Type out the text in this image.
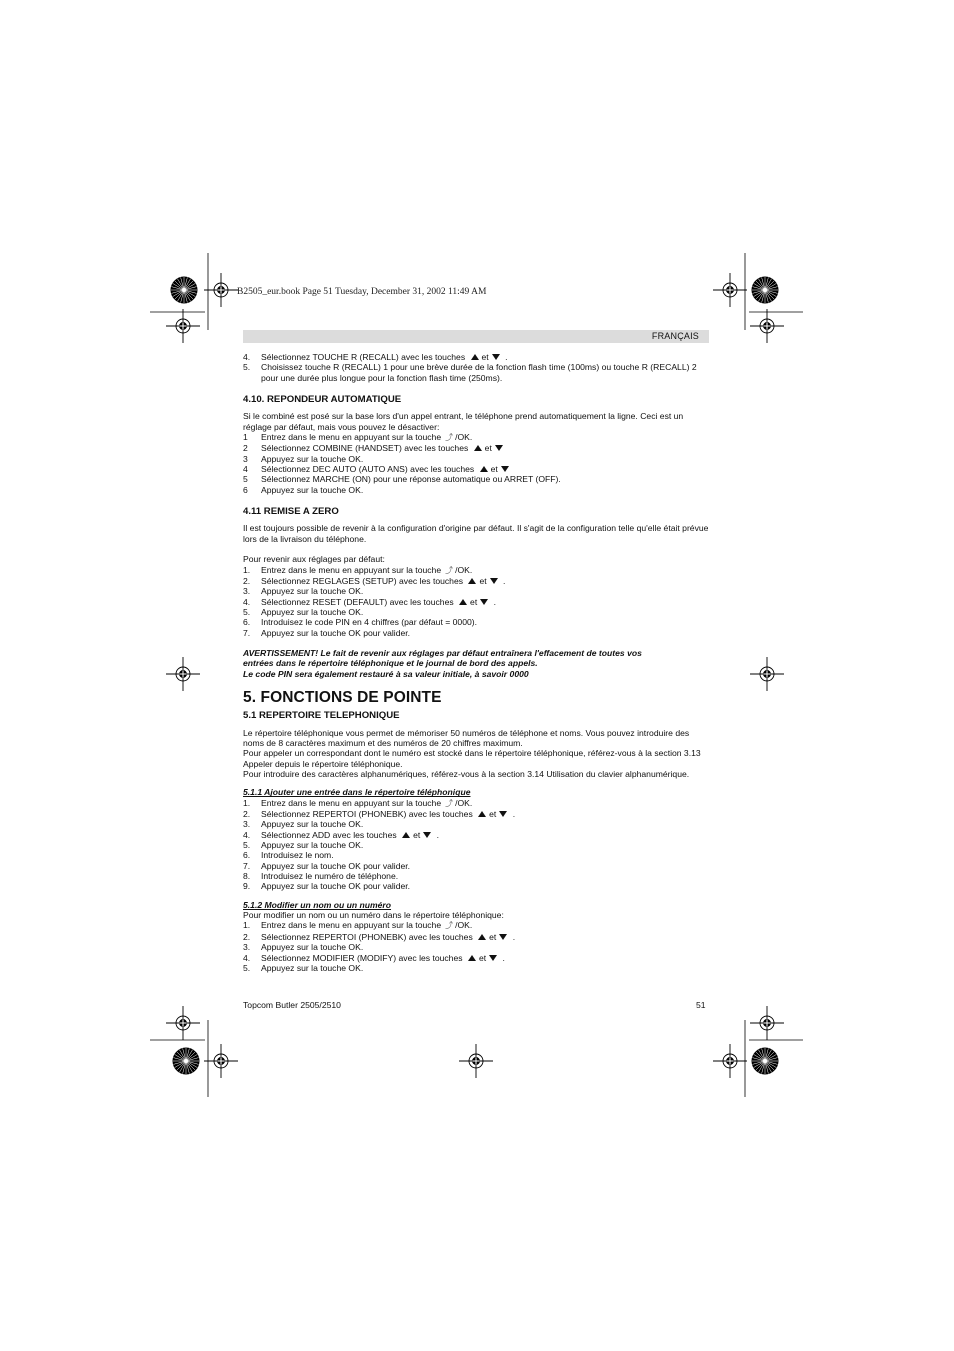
B2505_eur.book Page 51 Tuesday, December 31, 2002 11:49 AM
FRANÇAIS
4.	Sélectionnez TOUCHE R (RECALL) avec les touches et .
5.	Choisissez touche R (RECALL) 1 pour une brève durée de la fonction flash time (100ms) ou touche R (RECALL) 2 pour une durée plus longue pour la fonction flash time (250ms).

4.10. REPONDEUR AUTOMATIQUE

Si le combiné est posé sur la base lors d'un appel entrant, le téléphone prend automatiquement la ligne. Ceci est un réglage par défaut, mais vous pouvez le désactiver:

1	Entrez dans le menu en appuyant sur la touche ⤴ /OK.
2	Sélectionnez COMBINE (HANDSET) avec les touches et
3	Appuyez sur la touche OK.
4	Sélectionnez DEC AUTO (AUTO ANS) avec les touches et
5	Sélectionnez MARCHE (ON) pour une réponse automatique ou ARRET (OFF).
6	Appuyez sur la touche OK.

4.11 REMISE A ZERO

Il est toujours possible de revenir à la configuration d'origine par défaut. Il s'agit de la configuration telle qu'elle était prévue lors de la livraison du téléphone.

Pour revenir aux réglages par défaut:

1.	Entrez dans le menu en appuyant sur la touche ⤴ /OK.
2.	Sélectionnez REGLAGES (SETUP) avec les touches et .
3.	Appuyez sur la touche OK.
4.	Sélectionnez RESET (DEFAULT) avec les touches et .
5.	Appuyez sur la touche OK.
6.	Introduisez le code PIN en 4 chiffres (par défaut = 0000).
7.	Appuyez sur la touche OK pour valider.

AVERTISSEMENT! Le fait de revenir aux réglages par défaut entraînera l'effacement de toutes vos

entrées dans le répertoire téléphonique et le journal de bord des appels.

Le code PIN sera également restauré à sa valeur initiale, à savoir 0000

5. FONCTIONS DE POINTE

5.1 REPERTOIRE TELEPHONIQUE

Le répertoire téléphonique vous permet de mémoriser 50 numéros de téléphone et noms. Vous pouvez introduire des noms de 8 caractères maximum et des numéros de 20 chiffres maximum.

Pour appeler un correspondant dont le numéro est stocké dans le répertoire téléphonique, référez-vous à la section 3.13 Appeler depuis le répertoire téléphonique.

Pour introduire des caractères alphanumériques, référez-vous à la section 3.14 Utilisation du clavier alphanumérique.

5.1.1 Ajouter une entrée dans le répertoire téléphonique

1.	Entrez dans le menu en appuyant sur la touche ⤴ /OK.
2.	Sélectionnez REPERTOI (PHONEBK) avec les touches et .
3.	Appuyez sur la touche OK.
4.	Sélectionnez ADD avec les touches et .
5.	Appuyez sur la touche OK.
6.	Introduisez le nom.
7.	Appuyez sur la touche OK pour valider.
8.	Introduisez le numéro de téléphone.
9.	Appuyez sur la touche OK pour valider.

5.1.2 Modifier un nom ou un numéro

Pour modifier un nom ou un numéro dans le répertoire téléphonique:

1.	Entrez dans le menu en appuyant sur la touche ⤴ /OK.
2.	Sélectionnez REPERTOI (PHONEBK) avec les touches et .
3.	Appuyez sur la touche OK.
4.	Sélectionnez MODIFIER (MODIFY) avec les touches et .
5.	Appuyez sur la touche OK.
Topcom Butler 2505/2510	51
